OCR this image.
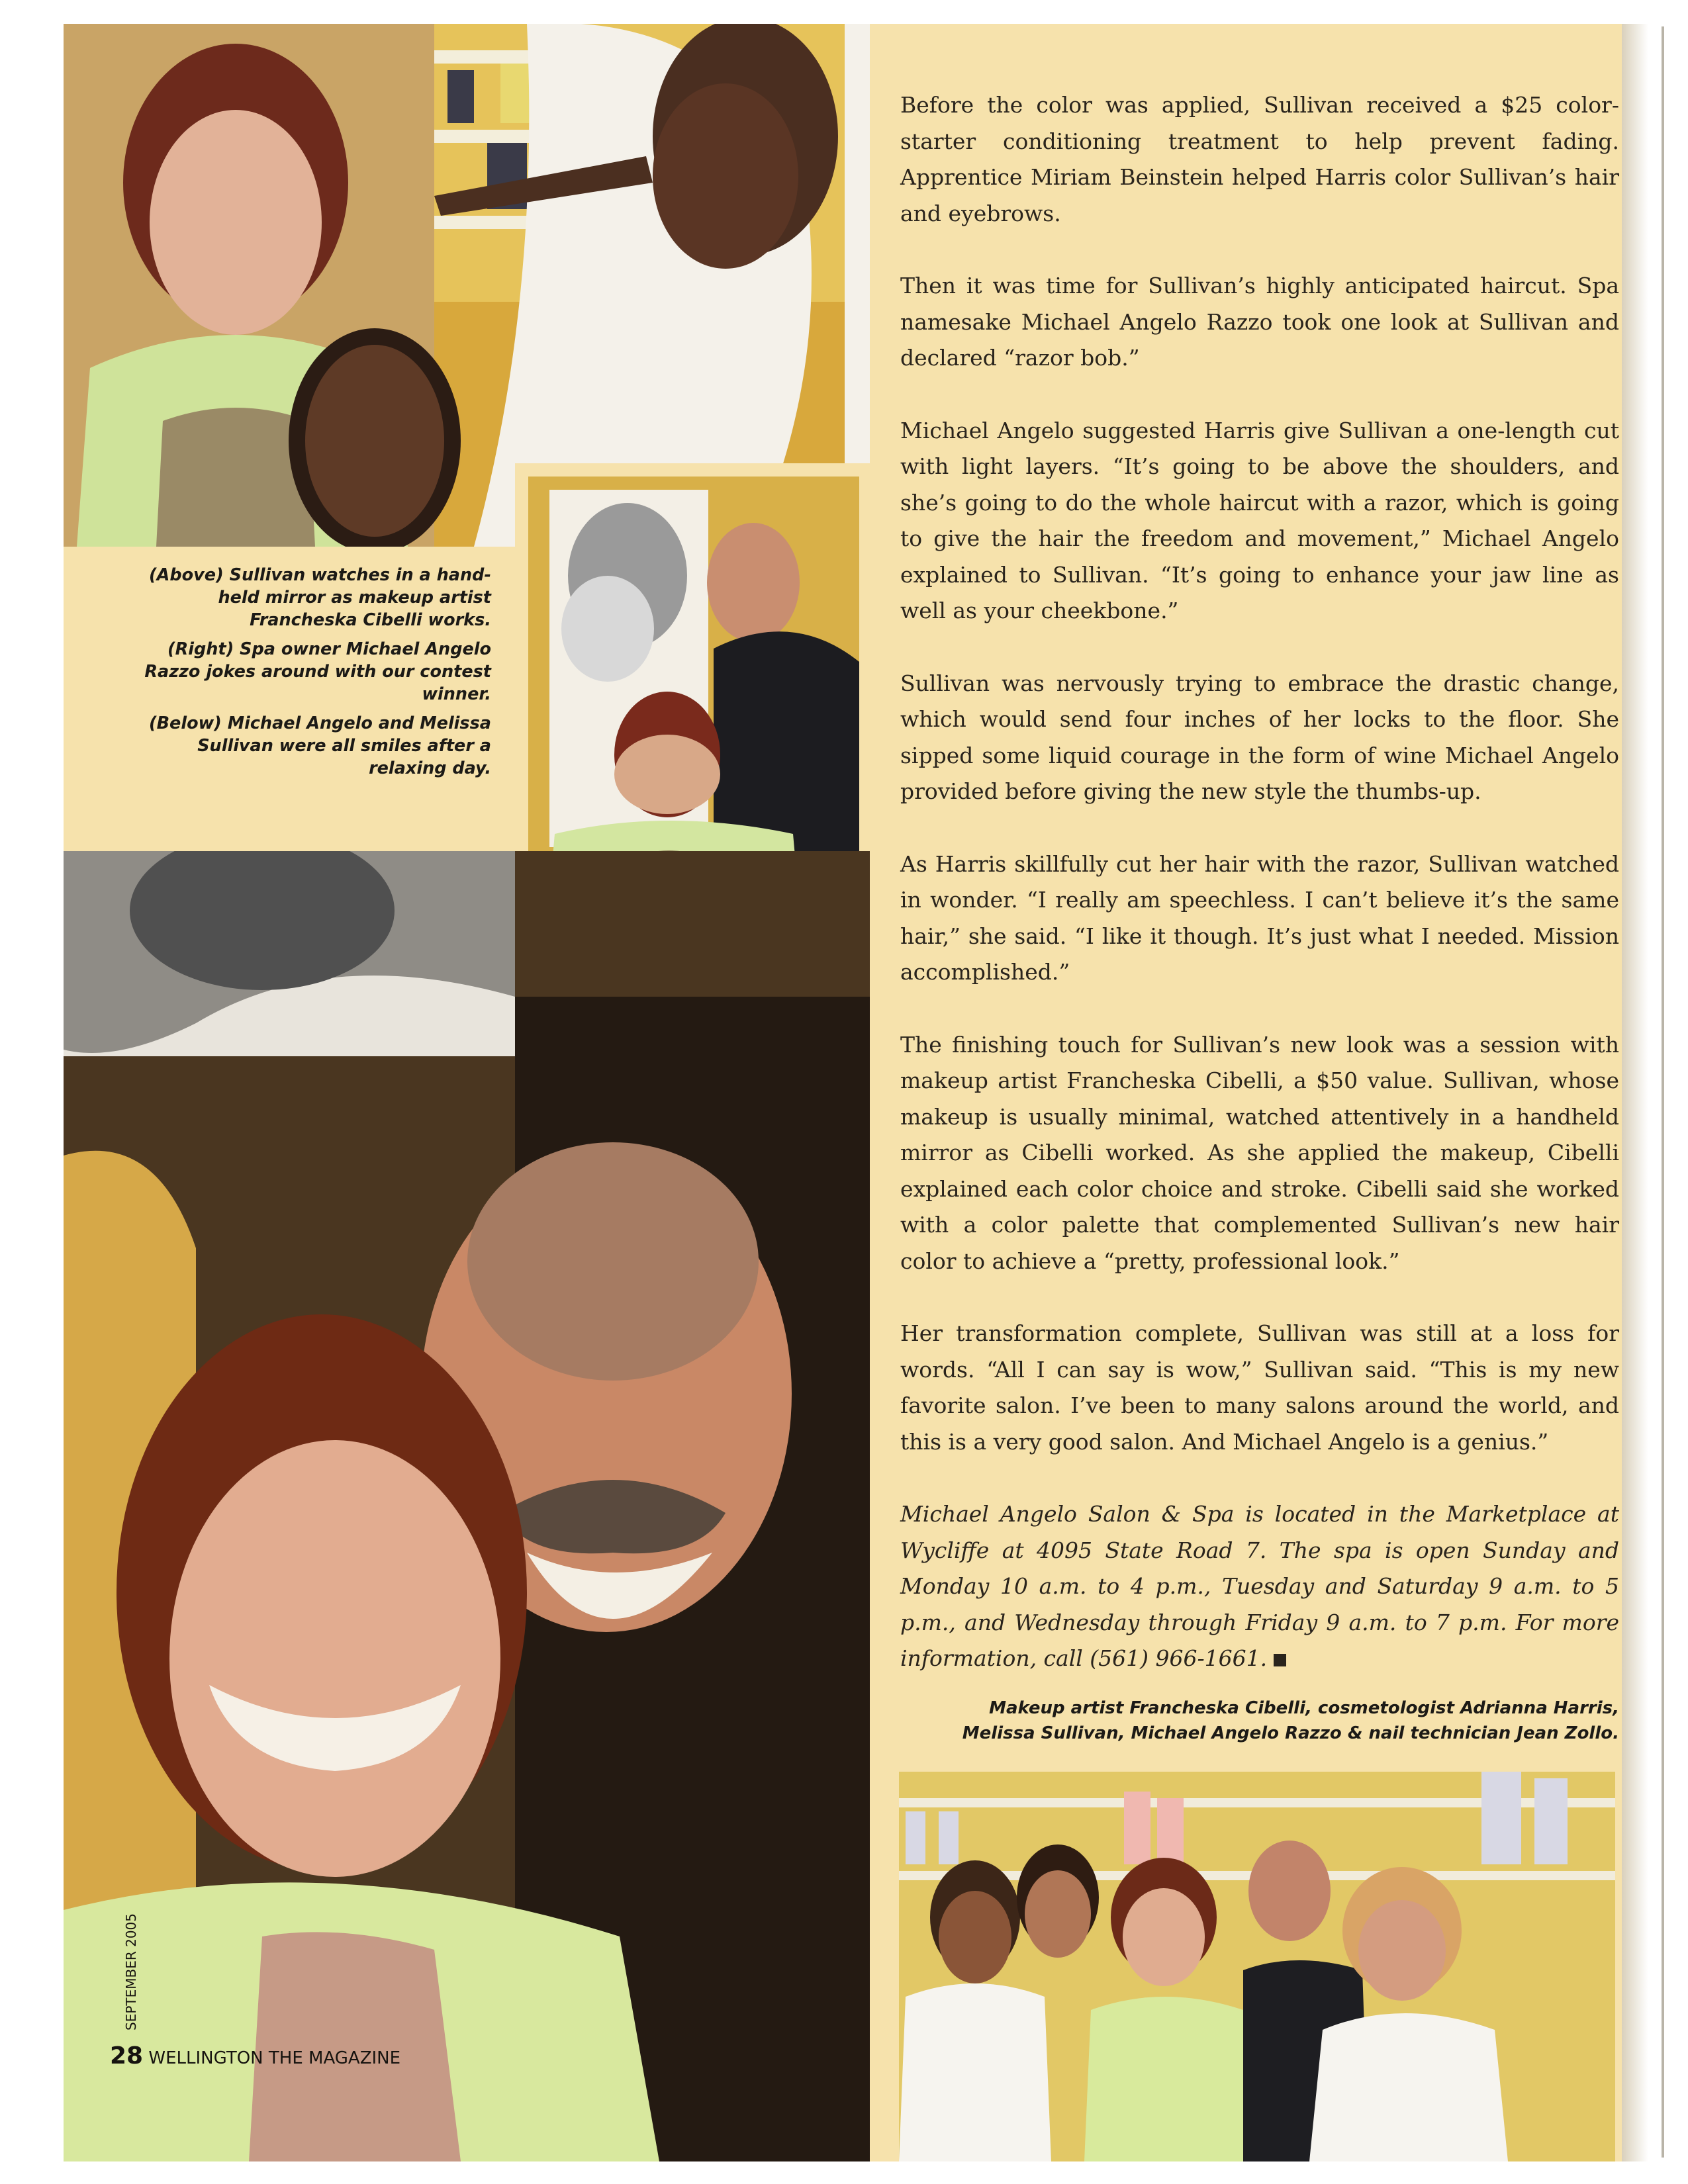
(Above) Sullivan watches in a hand-held mirror as makeup artist Francheska Cibelli works.

(Right) Spa owner Michael Angelo Razzo jokes around with our contest winner.

(Below) Michael Angelo and Melissa Sullivan were all smiles after a relaxing day.

Before the color was applied, Sullivan received a $25 color-starter conditioning treatment to help prevent fading. Apprentice Miriam Beinstein helped Harris color Sullivan’s hair and eyebrows.

Then it was time for Sullivan’s highly anticipated haircut. Spa namesake Michael Angelo Razzo took one look at Sullivan and declared “razor bob.”

Michael Angelo suggested Harris give Sullivan a one-length cut with light layers. “It’s going to be above the shoulders, and she’s going to do the whole haircut with a razor, which is going to give the hair the freedom and movement,” Michael Angelo explained to Sullivan. “It’s going to enhance your jaw line as well as your cheekbone.”

Sullivan was nervously trying to embrace the drastic change, which would send four inches of her locks to the floor. She sipped some liquid courage in the form of wine Michael Angelo provided before giving the new style the thumbs-up.

As Harris skillfully cut her hair with the razor, Sullivan watched in wonder. “I really am speechless. I can’t believe it’s the same hair,” she said. “I like it though. It’s just what I needed. Mission accomplished.”

The finishing touch for Sullivan’s new look was a session with makeup artist Francheska Cibelli, a $50 value. Sullivan, whose makeup is usually minimal, watched attentively in a handheld mirror as Cibelli worked. As she applied the makeup, Cibelli explained each color choice and stroke. Cibelli said she worked with a color palette that complemented Sullivan’s new hair color to achieve a “pretty, professional look.”

Her transformation complete, Sullivan was still at a loss for words. “All I can say is wow,” Sullivan said. “This is my new favorite salon. I’ve been to many salons around the world, and this is a very good salon. And Michael Angelo is a genius.”

Michael Angelo Salon & Spa is located in the Marketplace at Wycliffe at 4095 State Road 7. The spa is open Sunday and Monday 10 a.m. to 4 p.m., Tuesday and Saturday 9 a.m. to 5 p.m., and Wednesday through Friday 9 a.m. to 7 p.m. For more information, call (561) 966-1661.

Makeup artist Francheska Cibelli, cosmetologist Adrianna Harris,
Melissa Sullivan, Michael Angelo Razzo & nail technician Jean Zollo.
SEPTEMBER 2005
28 WELLINGTON THE MAGAZINE
